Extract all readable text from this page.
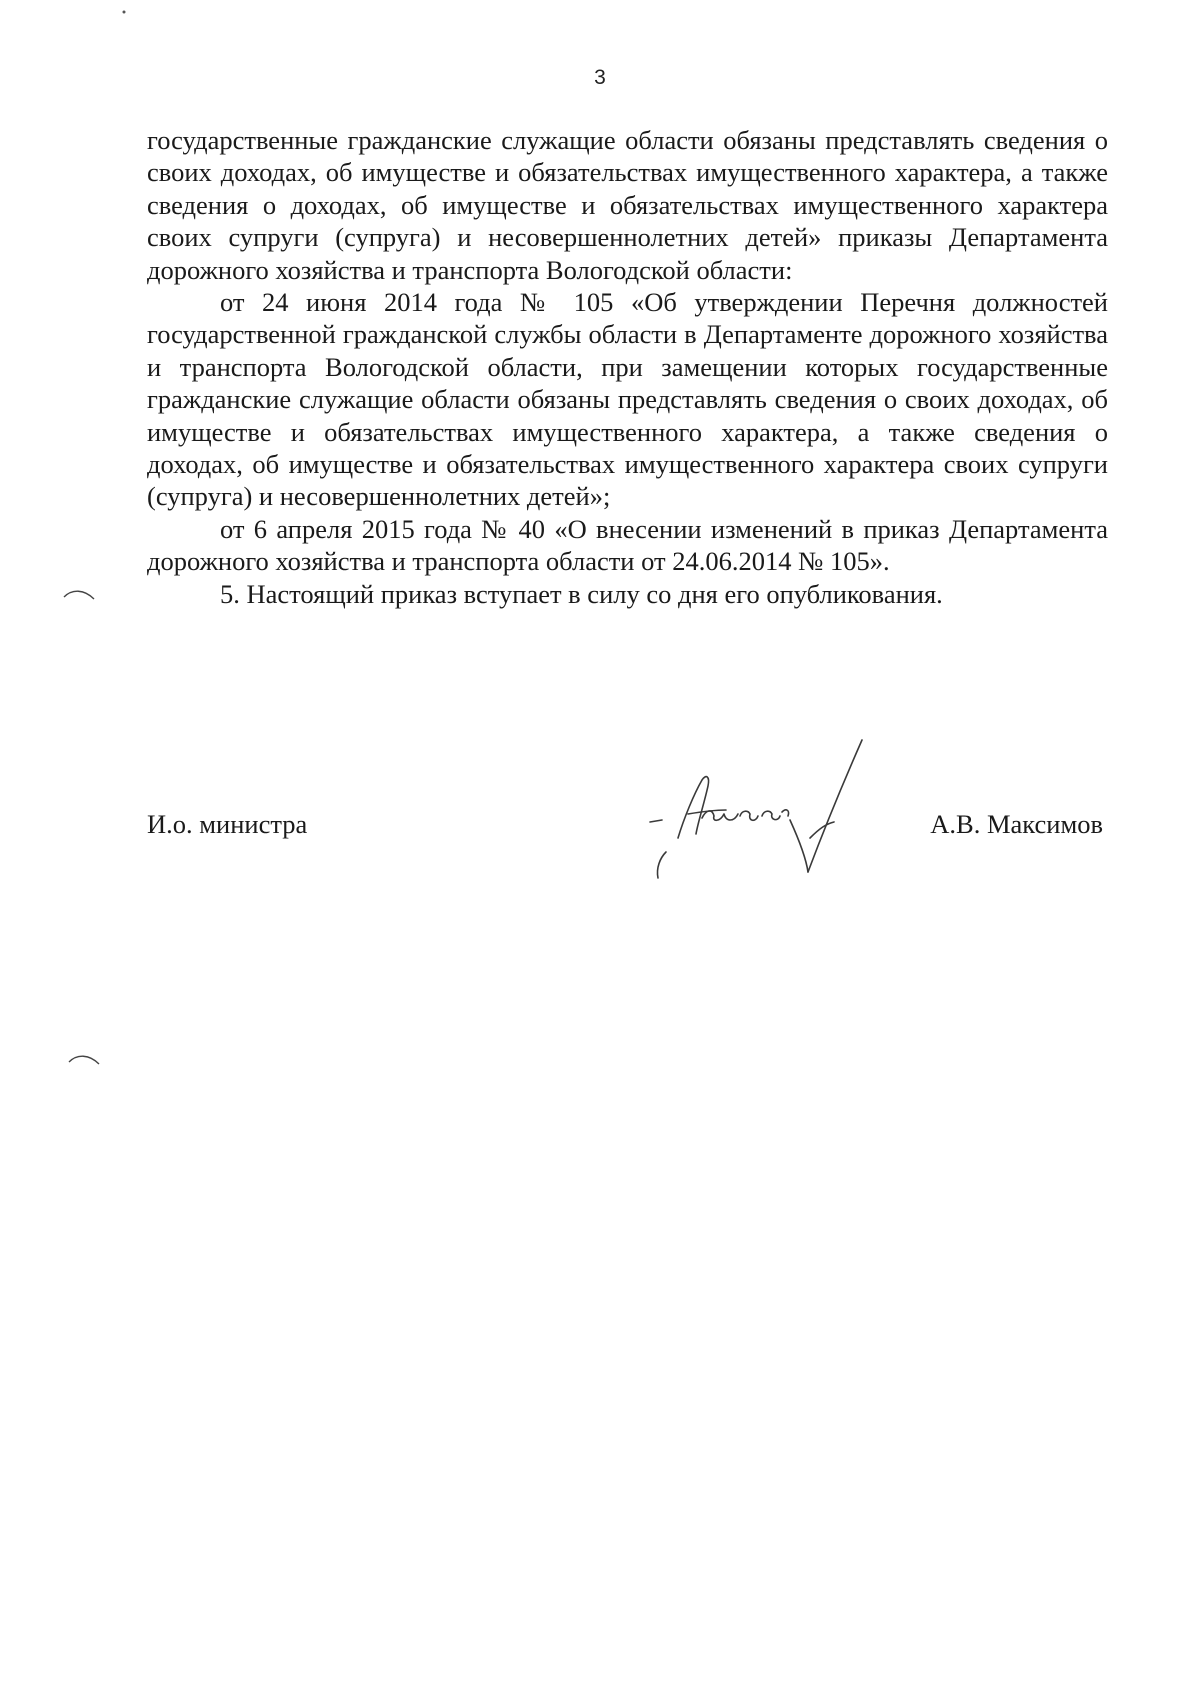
3

государственные гражданские служащие области обязаны представлять сведения о своих доходах, об имуществе и обязательствах имущественного характера, а также сведения о доходах, об имуществе и обязательствах имущественного характера своих супруги (супруга) и несовершеннолетних детей» приказы Департамента дорожного хозяйства и транспорта Вологодской области:

от 24 июня 2014 года № 105 «Об утверждении Перечня должностей государственной гражданской службы области в Департаменте дорожного хозяйства и транспорта Вологодской области, при замещении которых государственные гражданские служащие области обязаны представлять сведения о своих доходах, об имуществе и обязательствах имущественного характера, а также сведения о доходах, об имуществе и обязательствах имущественного характера своих супруги (супруга) и несовершеннолетних детей»;

от 6 апреля 2015 года № 40 «О внесении изменений в приказ Департамента дорожного хозяйства и транспорта области от 24.06.2014 № 105».

5. Настоящий приказ вступает в силу со дня его опубликования.

И.о. министра	А.В. Максимов
